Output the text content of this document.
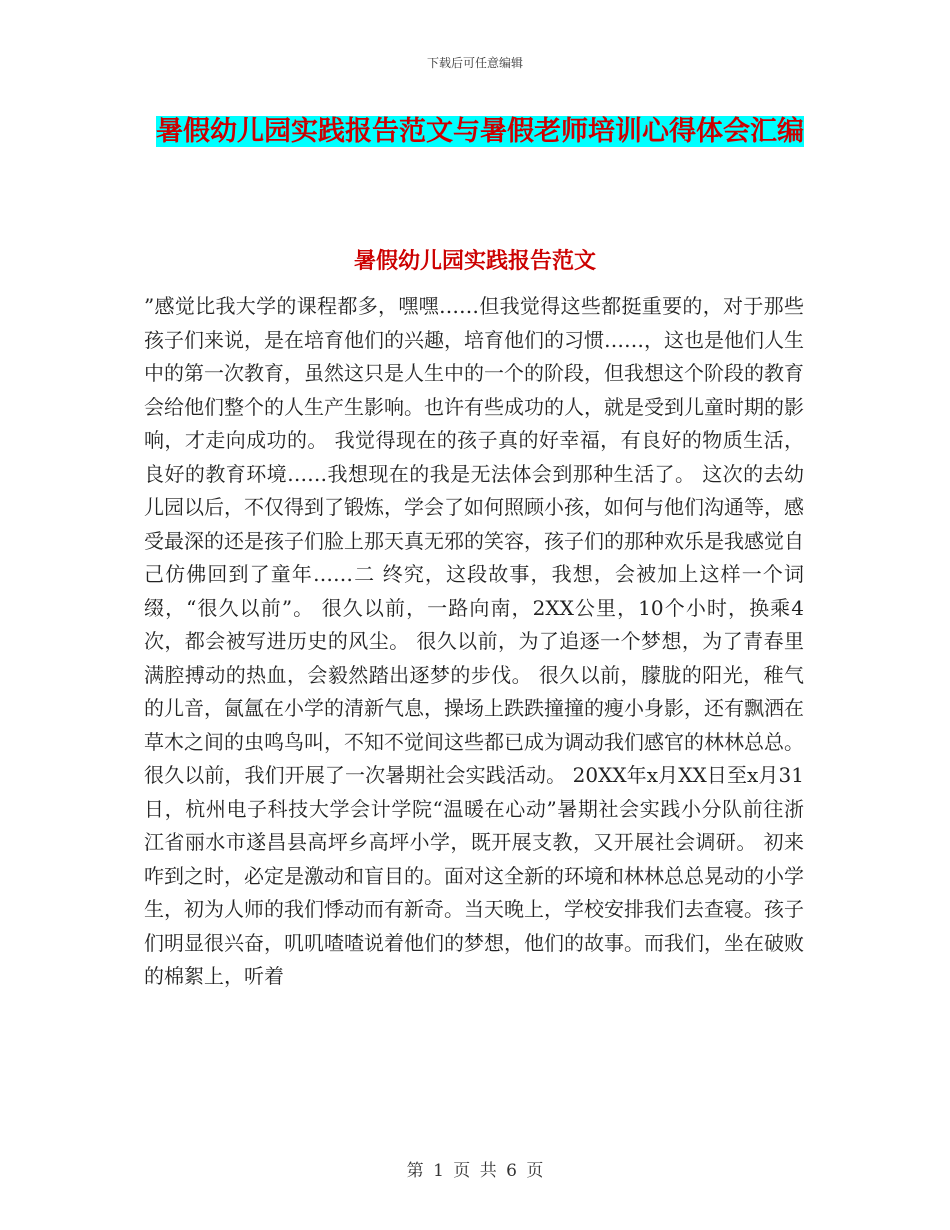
下载后可任意编辑
暑假幼儿园实践报告范文与暑假老师培训心得体会汇编
暑假幼儿园实践报告范文

”感觉比我大学的课程都多，嘿嘿……但我觉得这些都挺重要的，对于那些孩子们来说，是在培育他们的兴趣，培育他们的习惯……，这也是他们人生中的第一次教育，虽然这只是人生中的一个的阶段，但我想这个阶段的教育会给他们整个的人生产生影响。也许有些成功的人，就是受到儿童时期的影响，才走向成功的。 我觉得现在的孩子真的好幸福，有良好的物质生活，良好的教育环境……我想现在的我是无法体会到那种生活了。 这次的去幼儿园以后，不仅得到了锻炼，学会了如何照顾小孩，如何与他们沟通等，感受最深的还是孩子们脸上那天真无邪的笑容，孩子们的那种欢乐是我感觉自己仿佛回到了童年……二 终究，这段故事，我想，会被加上这样一个词缀，“很久以前”。 很久以前，一路向南，2XX公里，10个小时，换乘4次，都会被写进历史的风尘。 很久以前，为了追逐一个梦想，为了青春里满腔搏动的热血，会毅然踏出逐梦的步伐。 很久以前，朦胧的阳光，稚气的儿音，氤氲在小学的清新气息，操场上跌跌撞撞的瘦小身影，还有飘洒在草木之间的虫鸣鸟叫，不知不觉间这些都已成为调动我们感官的林林总总。 很久以前，我们开展了一次暑期社会实践活动。 20XX年x月XX日至x月31日，杭州电子科技大学会计学院“温暖在心动”暑期社会实践小分队前往浙江省丽水市遂昌县高坪乡高坪小学，既开展支教，又开展社会调研。 初来咋到之时，必定是激动和盲目的。面对这全新的环境和林林总总晃动的小学生，初为人师的我们悸动而有新奇。当天晚上，学校安排我们去查寝。孩子们明显很兴奋，叽叽喳喳说着他们的梦想，他们的故事。而我们，坐在破败的棉絮上，听着

第 1 页 共 6 页
